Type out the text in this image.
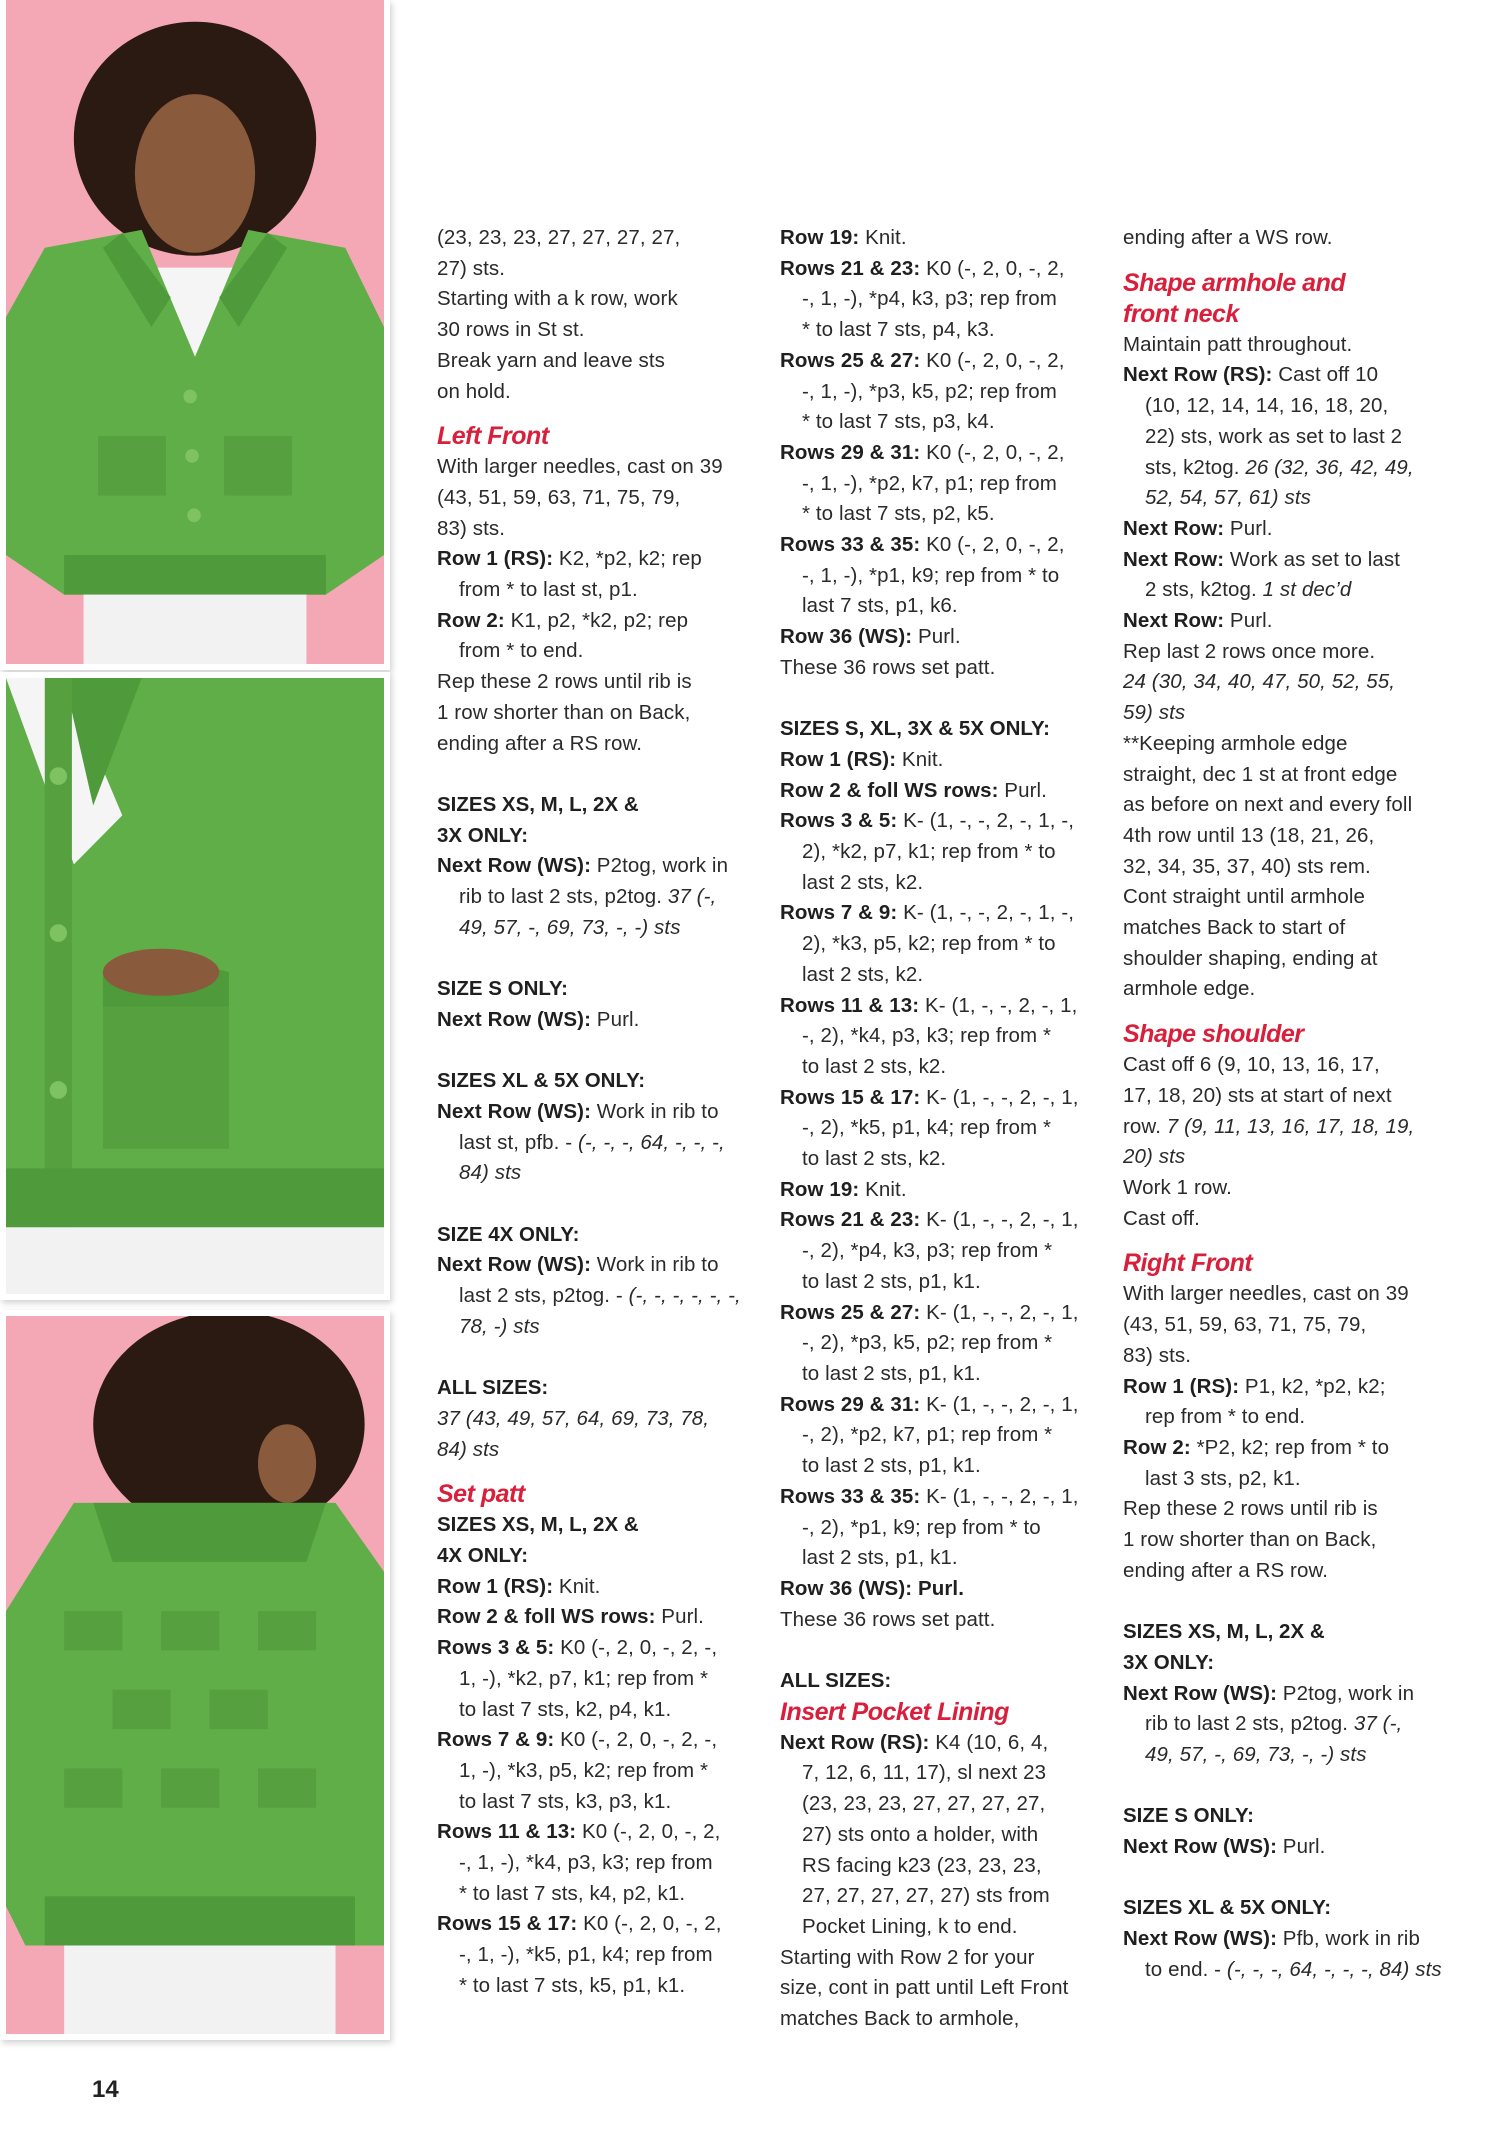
(23, 23, 23, 27, 27, 27, 27,
27) sts.
Starting with a k row, work
30 rows in St st.
Break yarn and leave sts
on hold.
Left Front
With larger needles, cast on 39
(43, 51, 59, 63, 71, 75, 79,
83) sts.
Row 1 (RS): K2, *p2, k2; rep
from * to last st, p1.
Row 2: K1, p2, *k2, p2; rep
from * to end.
Rep these 2 rows until rib is
1 row shorter than on Back,
ending after a RS row.
SIZES XS, M, L, 2X &
3X ONLY:
Next Row (WS): P2tog, work in
rib to last 2 sts, p2tog. 37 (-,
49, 57, -, 69, 73, -, -) sts
SIZE S ONLY:
Next Row (WS): Purl.
SIZES XL & 5X ONLY:
Next Row (WS): Work in rib to
last st, pfb. - (-, -, -, 64, -, -, -,
84) sts
SIZE 4X ONLY:
Next Row (WS): Work in rib to
last 2 sts, p2tog. - (-, -, -, -, -, -,
78, -) sts
ALL SIZES:
37 (43, 49, 57, 64, 69, 73, 78,
84) sts
Set patt
SIZES XS, M, L, 2X &
4X ONLY:
Row 1 (RS): Knit.
Row 2 & foll WS rows: Purl.
Rows 3 & 5: K0 (-, 2, 0, -, 2, -,
1, -), *k2, p7, k1; rep from *
to last 7 sts, k2, p4, k1.
Rows 7 & 9: K0 (-, 2, 0, -, 2, -,
1, -), *k3, p5, k2; rep from *
to last 7 sts, k3, p3, k1.
Rows 11 & 13: K0 (-, 2, 0, -, 2,
-, 1, -), *k4, p3, k3; rep from
* to last 7 sts, k4, p2, k1.
Rows 15 & 17: K0 (-, 2, 0, -, 2,
-, 1, -), *k5, p1, k4; rep from
* to last 7 sts, k5, p1, k1.
Row 19: Knit.
Rows 21 & 23: K0 (-, 2, 0, -, 2,
-, 1, -), *p4, k3, p3; rep from
* to last 7 sts, p4, k3.
Rows 25 & 27: K0 (-, 2, 0, -, 2,
-, 1, -), *p3, k5, p2; rep from
* to last 7 sts, p3, k4.
Rows 29 & 31: K0 (-, 2, 0, -, 2,
-, 1, -), *p2, k7, p1; rep from
* to last 7 sts, p2, k5.
Rows 33 & 35: K0 (-, 2, 0, -, 2,
-, 1, -), *p1, k9; rep from * to
last 7 sts, p1, k6.
Row 36 (WS): Purl.
These 36 rows set patt.
SIZES S, XL, 3X & 5X ONLY:
Row 1 (RS): Knit.
Row 2 & foll WS rows: Purl.
Rows 3 & 5: K- (1, -, -, 2, -, 1, -,
2), *k2, p7, k1; rep from * to
last 2 sts, k2.
Rows 7 & 9: K- (1, -, -, 2, -, 1, -,
2), *k3, p5, k2; rep from * to
last 2 sts, k2.
Rows 11 & 13: K- (1, -, -, 2, -, 1,
-, 2), *k4, p3, k3; rep from *
to last 2 sts, k2.
Rows 15 & 17: K- (1, -, -, 2, -, 1,
-, 2), *k5, p1, k4; rep from *
to last 2 sts, k2.
Row 19: Knit.
Rows 21 & 23: K- (1, -, -, 2, -, 1,
-, 2), *p4, k3, p3; rep from *
to last 2 sts, p1, k1.
Rows 25 & 27: K- (1, -, -, 2, -, 1,
-, 2), *p3, k5, p2; rep from *
to last 2 sts, p1, k1.
Rows 29 & 31: K- (1, -, -, 2, -, 1,
-, 2), *p2, k7, p1; rep from *
to last 2 sts, p1, k1.
Rows 33 & 35: K- (1, -, -, 2, -, 1,
-, 2), *p1, k9; rep from * to
last 2 sts, p1, k1.
Row 36 (WS): Purl.
These 36 rows set patt.
ALL SIZES:
Insert Pocket Lining
Next Row (RS): K4 (10, 6, 4,
7, 12, 6, 11, 17), sl next 23
(23, 23, 23, 27, 27, 27, 27,
27) sts onto a holder, with
RS facing k23 (23, 23, 23,
27, 27, 27, 27, 27) sts from
Pocket Lining, k to end.
Starting with Row 2 for your
size, cont in patt until Left Front
matches Back to armhole,
ending after a WS row.
Shape armhole and
front neck
Maintain patt throughout.
Next Row (RS): Cast off 10
(10, 12, 14, 14, 16, 18, 20,
22) sts, work as set to last 2
sts, k2tog. 26 (32, 36, 42, 49,
52, 54, 57, 61) sts
Next Row: Purl.
Next Row: Work as set to last
2 sts, k2tog. 1 st dec’d
Next Row: Purl.
Rep last 2 rows once more.
24 (30, 34, 40, 47, 50, 52, 55,
59) sts
**Keeping armhole edge
straight, dec 1 st at front edge
as before on next and every foll
4th row until 13 (18, 21, 26,
32, 34, 35, 37, 40) sts rem.
Cont straight until armhole
matches Back to start of
shoulder shaping, ending at
armhole edge.
Shape shoulder
Cast off 6 (9, 10, 13, 16, 17,
17, 18, 20) sts at start of next
row. 7 (9, 11, 13, 16, 17, 18, 19,
20) sts
Work 1 row.
Cast off.
Right Front
With larger needles, cast on 39
(43, 51, 59, 63, 71, 75, 79,
83) sts.
Row 1 (RS): P1, k2, *p2, k2;
rep from * to end.
Row 2: *P2, k2; rep from * to
last 3 sts, p2, k1.
Rep these 2 rows until rib is
1 row shorter than on Back,
ending after a RS row.
SIZES XS, M, L, 2X &
3X ONLY:
Next Row (WS): P2tog, work in
rib to last 2 sts, p2tog. 37 (-,
49, 57, -, 69, 73, -, -) sts
SIZE S ONLY:
Next Row (WS): Purl.
SIZES XL & 5X ONLY:
Next Row (WS): Pfb, work in rib
to end. - (-, -, -, 64, -, -, -, 84) sts
14
